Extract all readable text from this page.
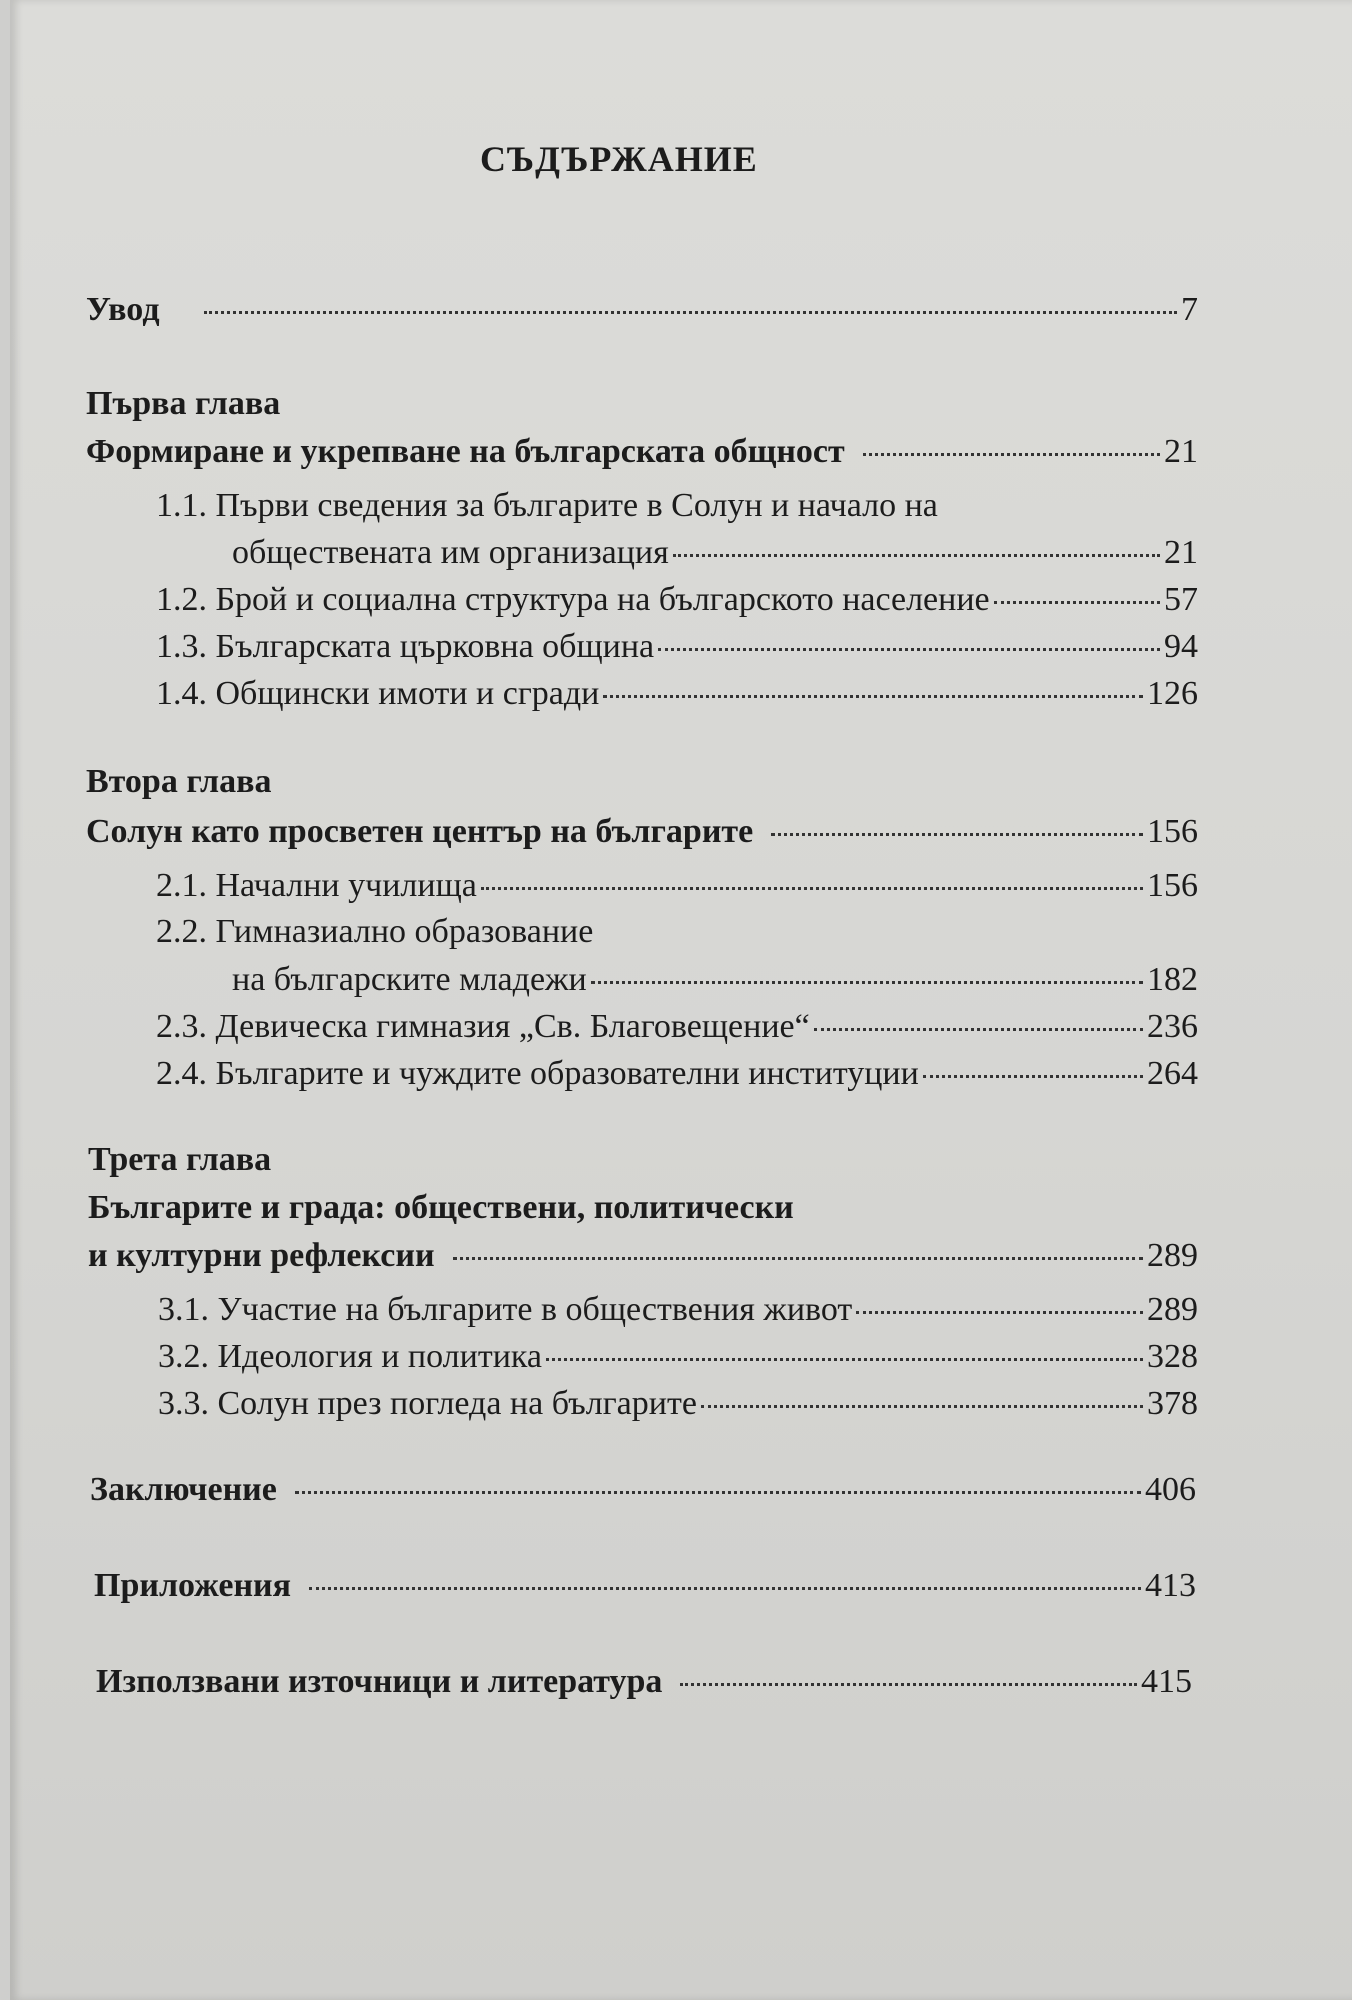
СЪДЪРЖАНИЕ
Увод	7
Първа глава
Формиране и укрепване на българската общност	21
1.1. Първи сведения за българите в Солун и начало на
обществената им организация	21
1.2. Брой и социална структура на българското население	57
1.3. Българската църковна община	94
1.4. Общински имоти и сгради	126
Втора глава
Солун като просветен център на българите	156
2.1. Начални училища	156
2.2. Гимназиално образование
на българските младежи	182
2.3. Девическа гимназия „Св. Благовещение“	236
2.4. Българите и чуждите образователни институции	264
Трета глава
Българите и града: обществени, политически
и културни рефлексии	289
3.1. Участие на българите в обществения живот	289
3.2. Идеология и политика	328
3.3. Солун през погледа на българите	378
Заключение	406
Приложения	413
Използвани източници и литература	415
